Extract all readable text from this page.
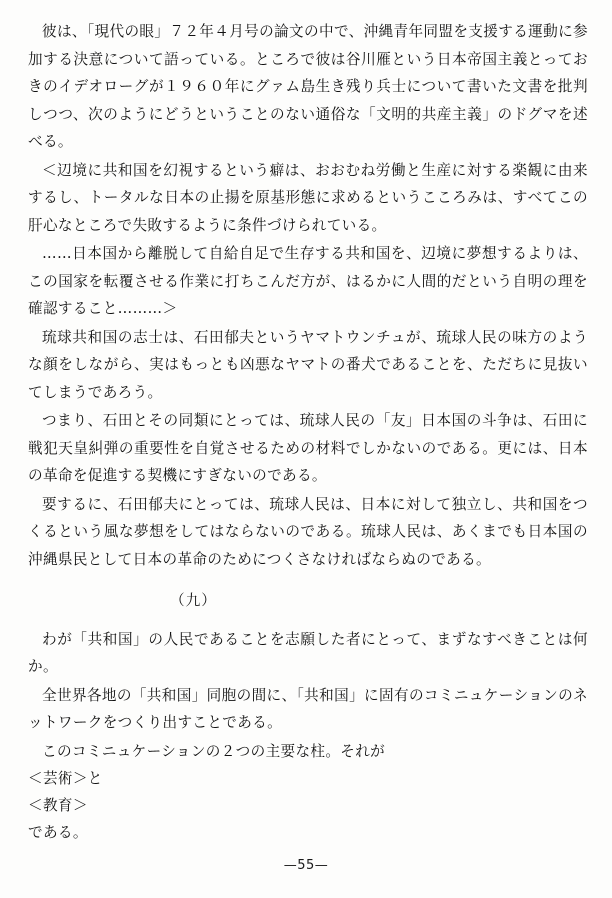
彼は、「現代の眼」７２年４月号の論文の中で、沖縄青年同盟を支援する運動に参加する決意について語っている。ところで彼は谷川雁という日本帝国主義とっておきのイデオローグが１９６０年にグァム島生き残り兵士について書いた文書を批判しつつ、次のようにどうということのない通俗な「文明的共産主義」のドグマを述べる。

＜辺境に共和国を幻視するという癖は、おおむね労働と生産に対する楽観に由来するし、トータルな日本の止揚を原基形態に求めるというこころみは、すべてこの肝心なところで失敗するように条件づけられている。

……日本国から離脱して自給自足で生存する共和国を、辺境に夢想するよりは、この国家を転覆させる作業に打ちこんだ方が、はるかに人間的だという自明の理を確認すること………＞

琉球共和国の志士は、石田郁夫というヤマトウンチュが、琉球人民の味方のような顔をしながら、実はもっとも凶悪なヤマトの番犬であることを、ただちに見抜いてしまうであろう。

つまり、石田とその同類にとっては、琉球人民の「友」日本国の斗争は、石田に戦犯天皇糾弾の重要性を自覚させるための材料でしかないのである。更には、日本の革命を促進する契機にすぎないのである。

要するに、石田郁夫にとっては、琉球人民は、日本に対して独立し、共和国をつくるという風な夢想をしてはならないのである。琉球人民は、あくまでも日本国の沖縄県民として日本の革命のためにつくさなければならぬのである。

（九）

わが「共和国」の人民であることを志願した者にとって、まずなすべきことは何か。

全世界各地の「共和国」同胞の間に、「共和国」に固有のコミニュケーションのネットワークをつくり出すことである。

このコミニュケーションの２つの主要な柱。それが

＜芸術＞と

＜教育＞

である。

—55—
